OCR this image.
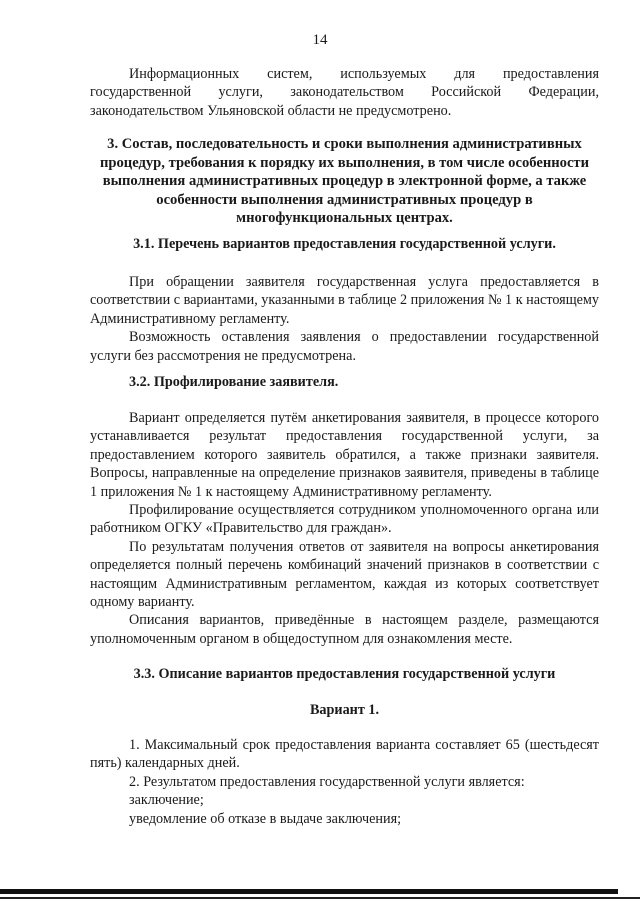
14

Информационных систем, используемых для предоставления государственной услуги, законодательством Российской Федерации, законодательством Ульяновской области не предусмотрено.

3. Состав, последовательность и сроки выполнения административных процедур, требования к порядку их выполнения, в том числе особенности выполнения административных процедур в электронной форме, а также особенности выполнения административных процедур в многофункциональных центрах.

3.1. Перечень вариантов предоставления государственной услуги.

При обращении заявителя государственная услуга предоставляется в соответствии с вариантами, указанными в таблице 2 приложения № 1 к настоящему Административному регламенту.

Возможность оставления заявления о предоставлении государственной услуги без рассмотрения не предусмотрена.

3.2. Профилирование заявителя.

Вариант определяется путём анкетирования заявителя, в процессе которого устанавливается результат предоставления государственной услуги, за предоставлением которого заявитель обратился, а также признаки заявителя. Вопросы, направленные на определение признаков заявителя, приведены в таблице 1 приложения № 1 к настоящему Административному регламенту.

Профилирование осуществляется сотрудником уполномоченного органа или работником ОГКУ «Правительство для граждан».

По результатам получения ответов от заявителя на вопросы анкетирования определяется полный перечень комбинаций значений признаков в соответствии с настоящим Административным регламентом, каждая из которых соответствует одному варианту.

Описания вариантов, приведённые в настоящем разделе, размещаются уполномоченным органом в общедоступном для ознакомления месте.

3.3. Описание вариантов предоставления государственной услуги

Вариант 1.

1. Максимальный срок предоставления варианта составляет 65 (шестьдесят пять) календарных дней.

2. Результатом предоставления государственной услуги является:

заключение;

уведомление об отказе в выдаче заключения;
